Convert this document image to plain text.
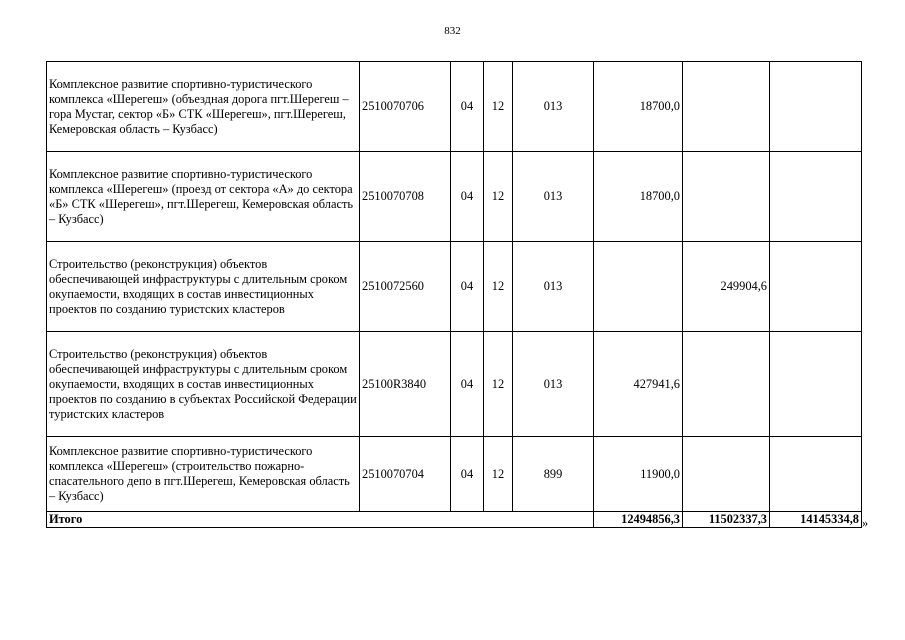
832
Комплексное развитие спортивно-туристического комплекса «Шерегеш» (объездная дорога пгт.Шерегеш – гора Мустаг, сектор «Б» СТК «Шерегеш», пгт.Шерегеш, Кемеровская область – Кузбасс)	2510070706	04	12	013	18700,0		
Комплексное развитие спортивно-туристического комплекса «Шерегеш» (проезд от сектора «А» до сектора «Б» СТК «Шерегеш», пгт.Шерегеш, Кемеровская область – Кузбасс)	2510070708	04	12	013	18700,0		
Строительство (реконструкция) объектов обеспечивающей инфраструктуры с длительным сроком окупаемости, входящих в состав инвестиционных проектов по созданию туристских кластеров	2510072560	04	12	013		249904,6	
Строительство (реконструкция) объектов обеспечивающей инфраструктуры с длительным сроком окупаемости, входящих в состав инвестиционных проектов по созданию в субъектах Российской Федерации туристских кластеров	25100R3840	04	12	013	427941,6		
Комплексное развитие спортивно-туристического комплекса «Шерегеш» (строительство пожарно-спасательного депо в пгт.Шерегеш, Кемеровская область – Кузбасс)	2510070704	04	12	899	11900,0		
Итого					12494856,3	11502337,3	14145334,8 »
